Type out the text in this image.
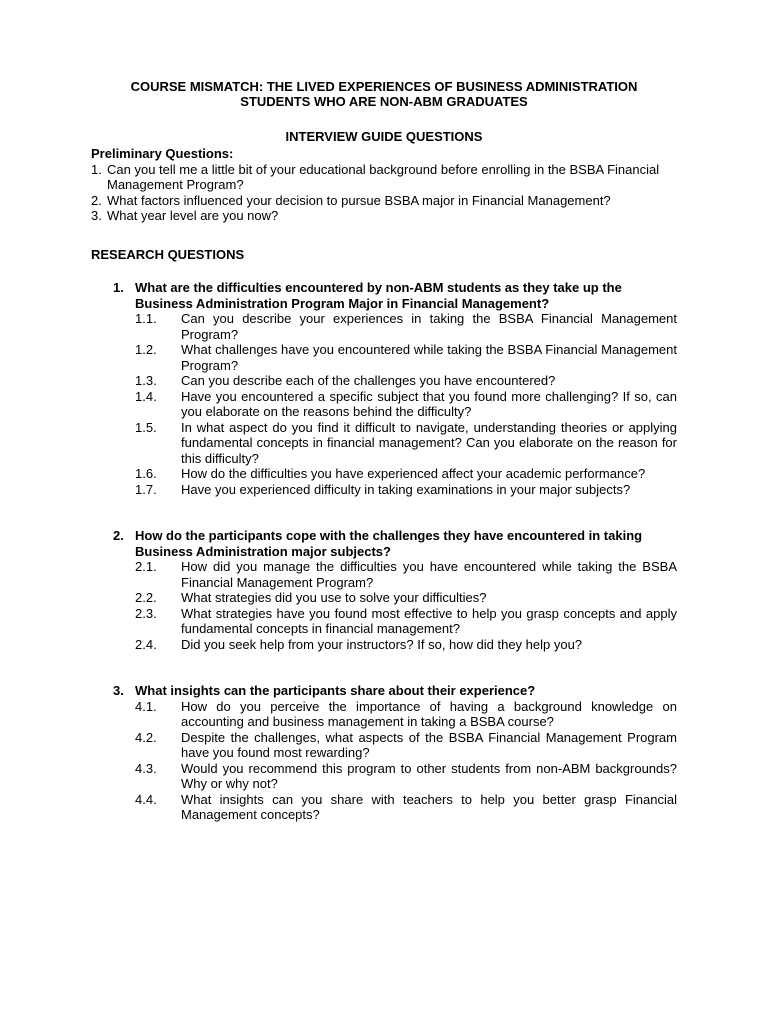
COURSE MISMATCH: THE LIVED EXPERIENCES OF BUSINESS ADMINISTRATION
STUDENTS WHO ARE NON-ABM GRADUATES

INTERVIEW GUIDE QUESTIONS

Preliminary Questions:
1. Can you tell me a little bit of your educational background before enrolling in the BSBA Financial Management Program?
2. What factors influenced your decision to pursue BSBA major in Financial Management?
3. What year level are you now?
RESEARCH QUESTIONS
1. What are the difficulties encountered by non-ABM students as they take up the Business Administration Program Major in Financial Management?
1.1.	Can you describe your experiences in taking the BSBA Financial Management Program?
1.2.	What challenges have you encountered while taking the BSBA Financial Management Program?
1.3.	Can you describe each of the challenges you have encountered?
1.4.	Have you encountered a specific subject that you found more challenging? If so, can you elaborate on the reasons behind the difficulty?
1.5.	In what aspect do you find it difficult to navigate, understanding theories or applying fundamental concepts in financial management? Can you elaborate on the reason for this difficulty?
1.6.	How do the difficulties you have experienced affect your academic performance?
1.7.	Have you experienced difficulty in taking examinations in your major subjects?
2. How do the participants cope with the challenges they have encountered in taking Business Administration major subjects?
2.1.	How did you manage the difficulties you have encountered while taking the BSBA Financial Management Program?
2.2.	What strategies did you use to solve your difficulties?
2.3.	What strategies have you found most effective to help you grasp concepts and apply fundamental concepts in financial management?
2.4.	Did you seek help from your instructors? If so, how did they help you?
3. What insights can the participants share about their experience?
4.1.	How do you perceive the importance of having a background knowledge on accounting and business management in taking a BSBA course?
4.2.	Despite the challenges, what aspects of the BSBA Financial Management Program have you found most rewarding?
4.3.	Would you recommend this program to other students from non-ABM backgrounds? Why or why not?
4.4.	What insights can you share with teachers to help you better grasp Financial Management concepts?
